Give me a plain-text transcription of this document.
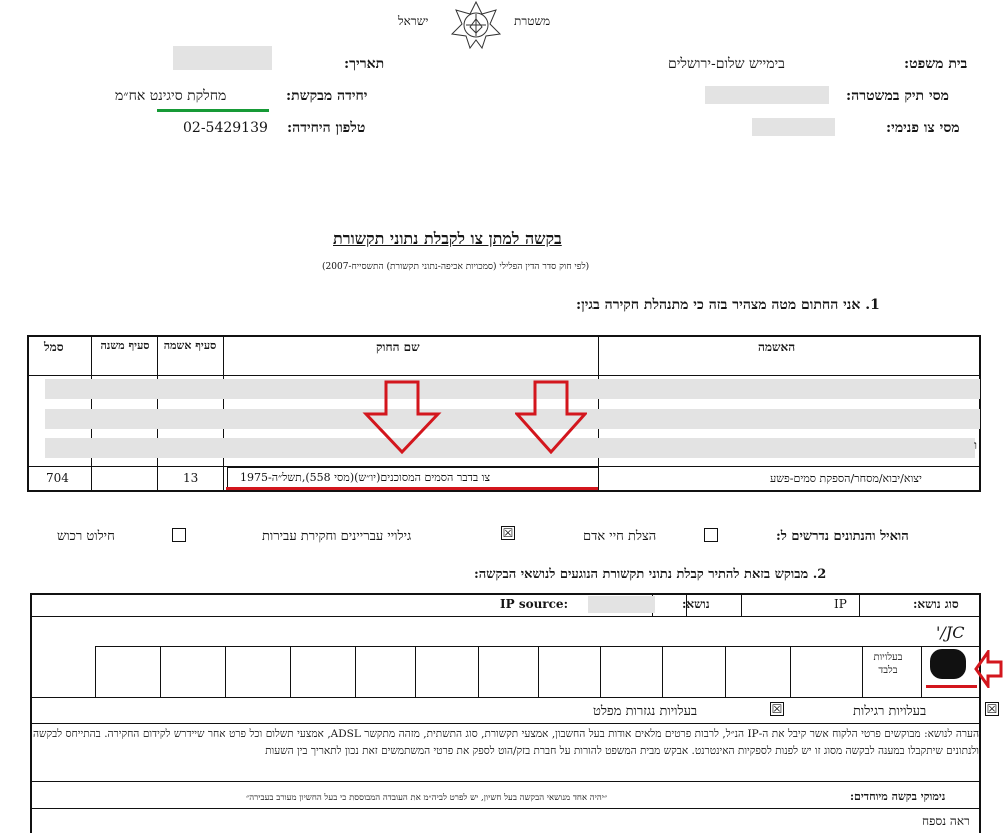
ישראל	משטרת
בית משפט:
בימייש שלום-ירושלים
מסי תיק במשטרה:
מסי צו פנימי:
תאריך:
יחידה מבקשת:
מחלקת סיגינט אח״מ
טלפון היחידה:
02-5429139
בקשה למתן צו לקבלת נתוני תקשורת
(לפי חוק סדר הדין הפלילי (סמכויות אכיפה-נתוני תקשורת) התשסייח-2007)
1. אני החתום מטה מצהיר בזה כי מתנהלת חקירה בגין:
האשמה
שם החוק
סעיף אשמה
סעיף משנה
סמל
ו
יצוא/יבוא/מסחר/הספקת סמים-פשע
צו בדבר הסמים המסוכנים(יו״ש)(מסי 558),תשל״ה-1975
13
704
הואיל והנתונים נדרשים ל:
הצלת חיי אדם
גילויי עבריינים וחקירת עבירות	☒
חילוט רכוש
2. מבוקש בזאת להתיר קבלת נתוני תקשורת הנוגעים לנושאי הבקשה:
סוג נושא:
IP
נושא:
IP source:
'/JC
בעלויות בלבד
☒
בעלויות רגילות
☒
בעלויות נגזרות מפלט
הערה לנושא: מבוקשים פרטי הלקוח אשר קיבל את ה-IP הנ״ל, לרבות פרטים מלאים אודות בעל החשבון, אמצעי תקשורת, סוג התשתית, מזהה מתקשר ADSL, אמצעי תשלום וכל פרט אחר שיידרש לקידום החקירה. בהתייחס לבקשה ולנתונים שיתקבלו במענה לבקשה מסוג זו יש לפנות לספקיות האינטרנט. אבקש מבית המשפט להורות על חברת בזק/הוט לספק את פרטי המשתמשים זאת נכון לתאריך בין השעות
נימוקי בקשה מיוחדים:
״יהיה אחד מנושאי הבקשה בעל חשיון, יש לפרט לביה״מ את העובדה המבוססת כי בעל החשיון מעורב בעבירה״
ראה נספח
